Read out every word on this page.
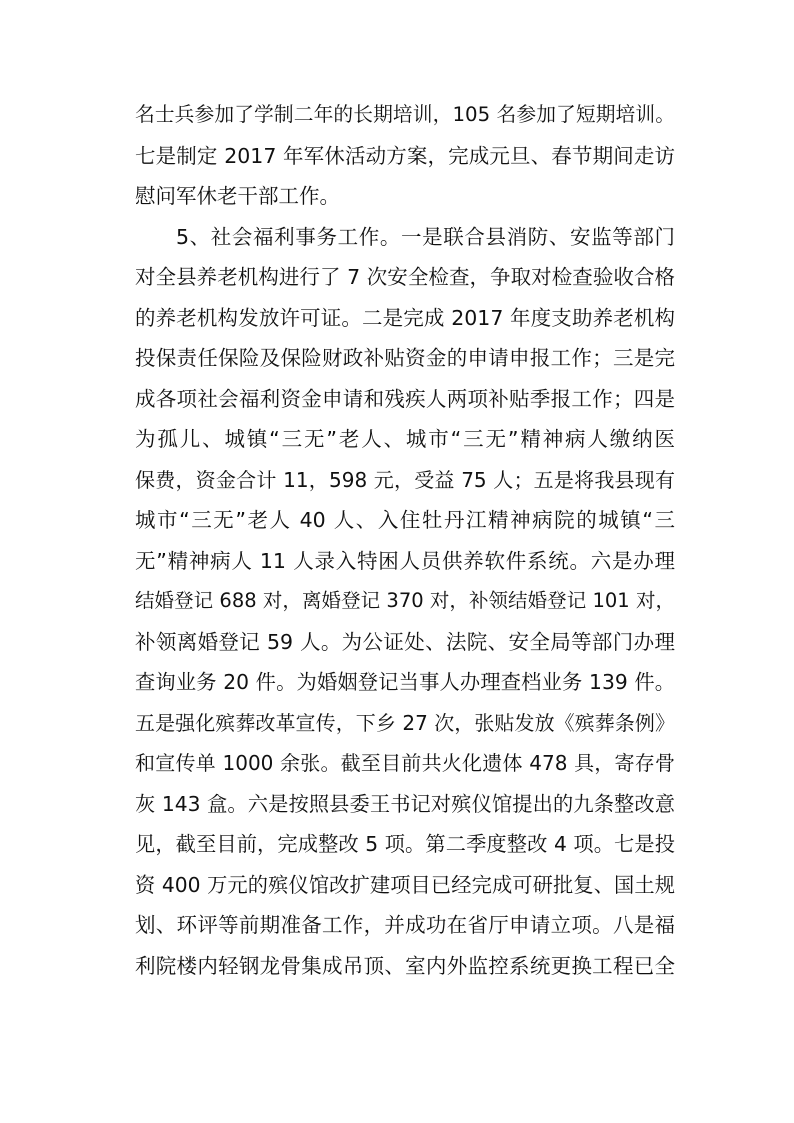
名士兵参加了学制二年的长期培训，105 名参加了短期培训。
七是制定 2017 年军休活动方案，完成元旦、春节期间走访
慰问军休老干部工作。
5、社会福利事务工作。一是联合县消防、安监等部门
对全县养老机构进行了 7 次安全检查，争取对检查验收合格
的养老机构发放许可证。二是完成 2017 年度支助养老机构
投保责任保险及保险财政补贴资金的申请申报工作；三是完
成各项社会福利资金申请和残疾人两项补贴季报工作；四是
为孤儿、城镇“三无”老人、城市“三无”精神病人缴纳医
保费，资金合计 11，598 元，受益 75 人；五是将我县现有
城市“三无”老人 40 人、入住牡丹江精神病院的城镇“三
无”精神病人 11 人录入特困人员供养软件系统。六是办理
结婚登记 688 对，离婚登记 370 对，补领结婚登记 101 对，
补领离婚登记 59 人。为公证处、法院、安全局等部门办理
查询业务 20 件。为婚姻登记当事人办理查档业务 139 件。
五是强化殡葬改革宣传，下乡 27 次，张贴发放《殡葬条例》
和宣传单 1000 余张。截至目前共火化遗体 478 具，寄存骨
灰 143 盒。六是按照县委王书记对殡仪馆提出的九条整改意
见，截至目前，完成整改 5 项。第二季度整改 4 项。七是投
资 400 万元的殡仪馆改扩建项目已经完成可研批复、国土规
划、环评等前期准备工作，并成功在省厅申请立项。八是福
利院楼内轻钢龙骨集成吊顶、室内外监控系统更换工程已全
